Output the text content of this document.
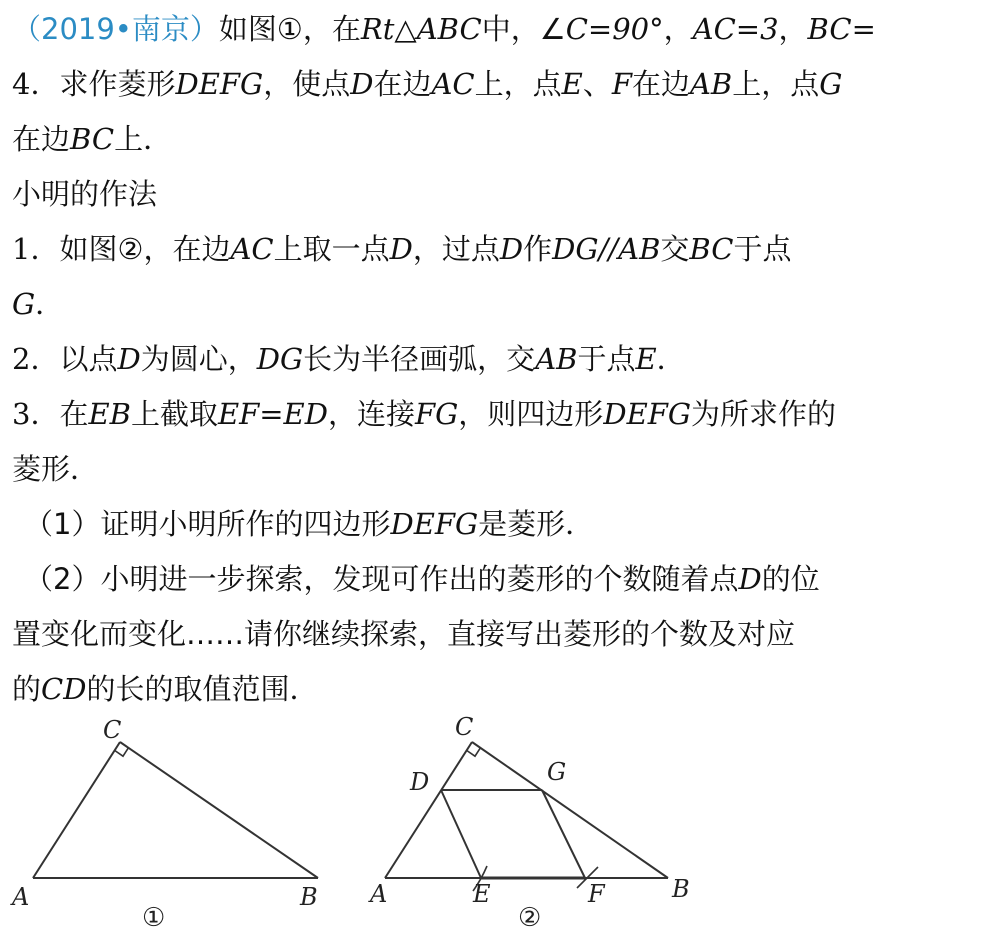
（2019•南京）如图①，在Rt△ABC中，∠C=90°，AC=3，BC=
4．求作菱形DEFG，使点D在边AC上，点E、F在边AB上，点G
在边BC上．
小明的作法
1．如图②，在边AC上取一点D，过点D作DG//AB交BC于点
G．
2．以点D为圆心，DG长为半径画弧，交AB于点E．
3．在EB上截取EF=ED，连接FG，则四边形DEFG为所求作的
菱形．
（1）证明小明所作的四边形DEFG是菱形．
（2）小明进一步探索，发现可作出的菱形的个数随着点D的位
置变化而变化……请你继续探索，直接写出菱形的个数及对应
的CD的长的取值范围．
C
A	B
①
C
D	G
A	E	F	B
②
